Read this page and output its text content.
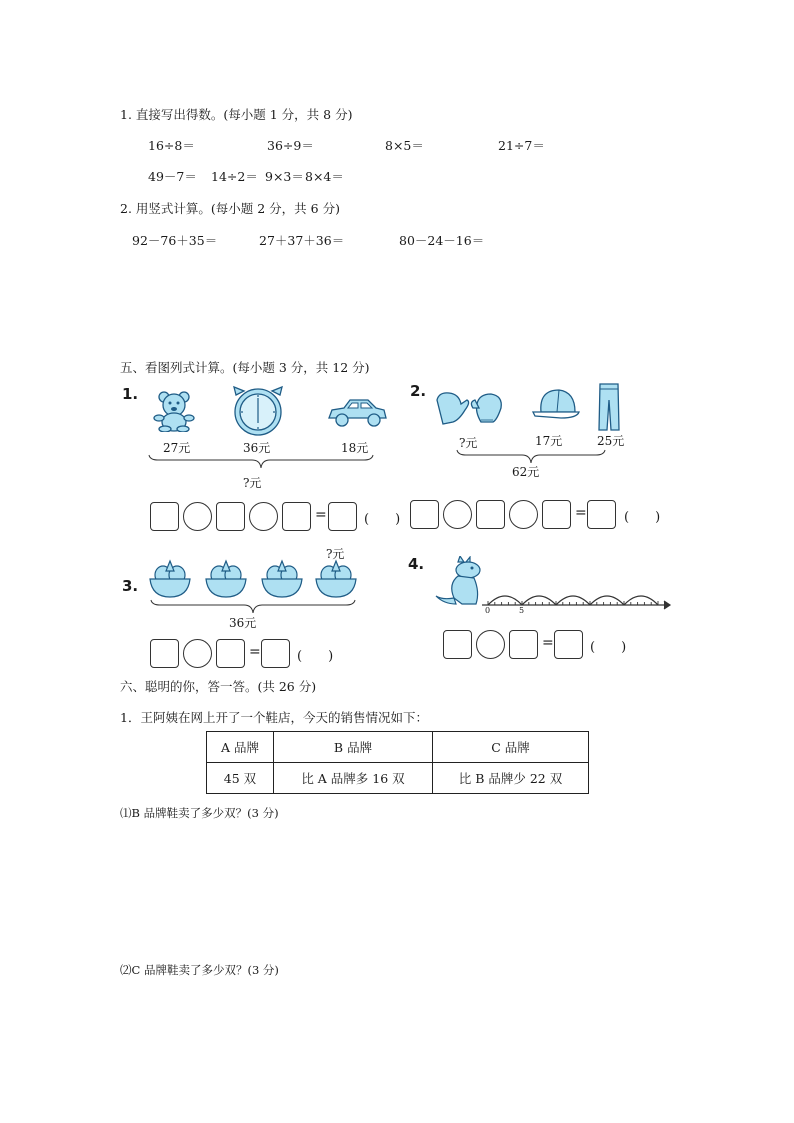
1. 直接写出得数。(每小题 1 分，共 8 分)
16÷8＝	36÷9＝	8×5＝	21÷7＝
49－7＝ 14÷2＝ 9×3＝ 8×4＝
2. 用竖式计算。(每小题 2 分，共 6 分)
92－76＋35＝	27＋37＋36＝	80－24－16＝
五、看图列式计算。(每小题 3 分，共 12 分)
1.
27元	36元	18元
?元
=	(　　)
2.
?元	17元	25元
62元
=	(　　)
3.
?元
36元
=	(　　)
4.
0	5
=	(　　)
六、聪明的你，答一答。(共 26 分)
1．王阿姨在网上开了一个鞋店，今天的销售情况如下：
A 品牌	B 品牌	C 品牌
45 双	比 A 品牌多 16 双	比 B 品牌少 22 双
⑴B 品牌鞋卖了多少双？(3 分)
⑵C 品牌鞋卖了多少双？(3 分)
